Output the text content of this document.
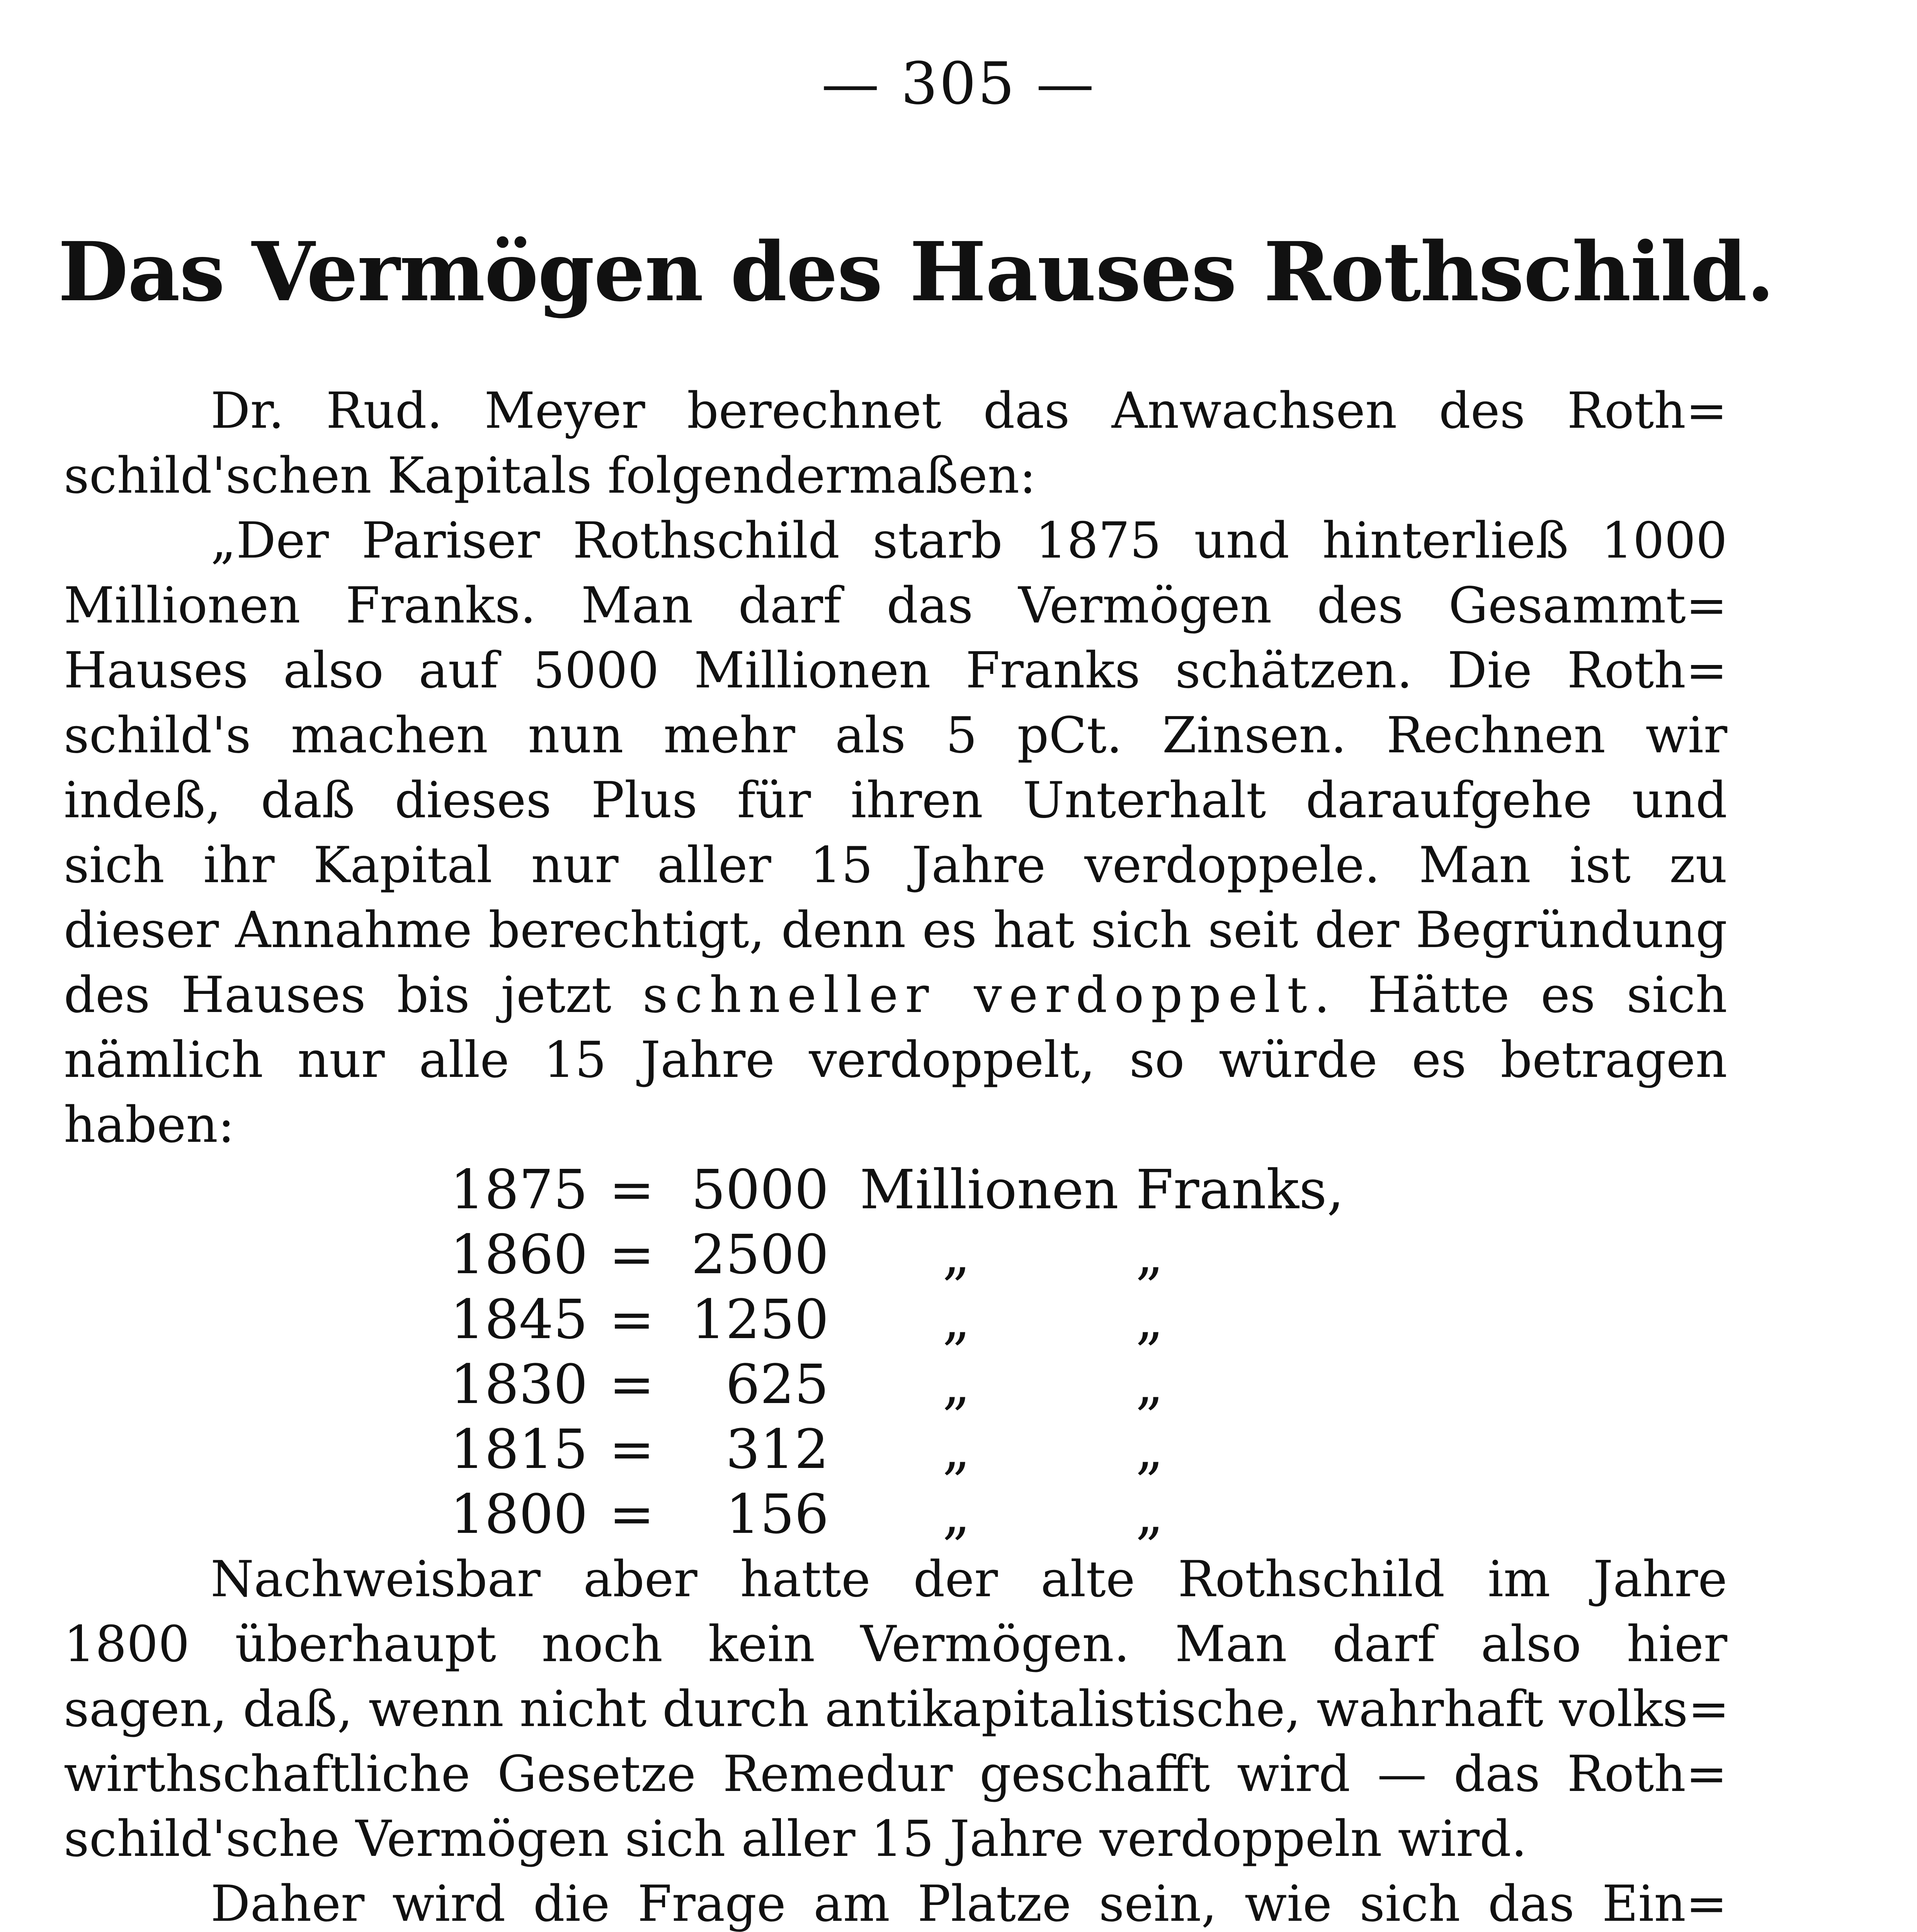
— 305 —
Das Vermögen des Hauses Rothschild.
Dr. Rud. Meyer berechnet das Anwachsen des Roth=
schild'schen Kapitals folgendermaßen:
„Der Pariser Rothschild starb 1875 und hinterließ 1000
Millionen Franks. Man darf das Vermögen des Gesammt=
Hauses also auf 5000 Millionen Franks schätzen. Die Roth=
schild's machen nun mehr als 5 pCt. Zinsen. Rechnen wir
indeß, daß dieses Plus für ihren Unterhalt daraufgehe und
sich ihr Kapital nur aller 15 Jahre verdoppele. Man ist zu
dieser Annahme berechtigt, denn es hat sich seit der Begründung
des Hauses bis jetzt schneller verdoppelt. Hätte es sich
nämlich nur alle 15 Jahre verdoppelt, so würde es betragen
haben:
1875 = 5000 Millionen Franks,
1860 = 2500	„	„
1845 = 1250	„	„
1830 =	625	„	„
1815 =	312	„	„
1800 =	156	„	„
Nachweisbar aber hatte der alte Rothschild im Jahre
1800 überhaupt noch kein Vermögen. Man darf also hier
sagen, daß, wenn nicht durch antikapitalistische, wahrhaft volks=
wirthschaftliche Gesetze Remedur geschafft wird — das Roth=
schild'sche Vermögen sich aller 15 Jahre verdoppeln wird.
Daher wird die Frage am Platze sein, wie sich das Ein=
